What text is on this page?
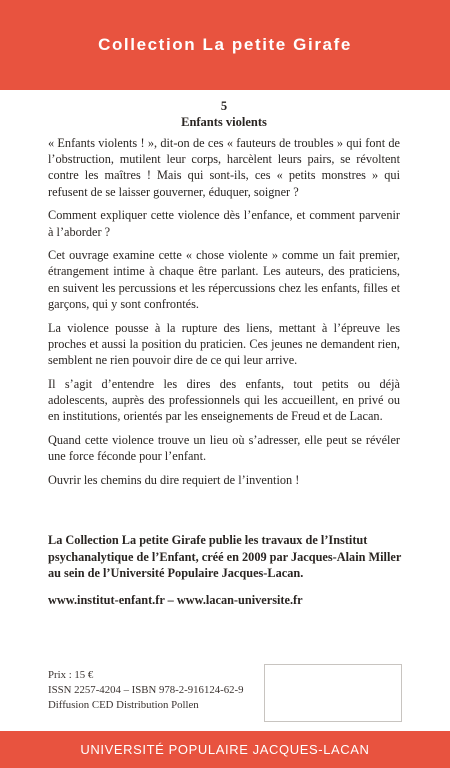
Collection La petite Girafe
5
Enfants violents

« Enfants violents ! », dit-on de ces « fauteurs de troubles » qui font de l’obstruction, mutilent leur corps, harcèlent leurs pairs, se révoltent contre les maîtres ! Mais qui sont-ils, ces « petits monstres » qui refusent de se laisser gouverner, éduquer, soigner ?

Comment expliquer cette violence dès l’enfance, et comment parvenir à l’aborder ?

Cet ouvrage examine cette « chose violente » comme un fait premier, étrangement intime à chaque être parlant. Les auteurs, des praticiens, en suivent les percussions et les répercussions chez les enfants, filles et garçons, qui y sont confrontés.

La violence pousse à la rupture des liens, mettant à l’épreuve les proches et aussi la position du praticien. Ces jeunes ne demandent rien, semblent ne rien pouvoir dire de ce qui leur arrive.

Il s’agit d’entendre les dires des enfants, tout petits ou déjà adolescents, auprès des professionnels qui les accueillent, en privé ou en institutions, orientés par les enseignements de Freud et de Lacan.

Quand cette violence trouve un lieu où s’adresser, elle peut se révéler une force féconde pour l’enfant.

Ouvrir les chemins du dire requiert de l’invention !

La Collection La petite Girafe publie les travaux de l’Institut psychanalytique de l’Enfant, créé en 2009 par Jacques-Alain Miller au sein de l’Université Populaire Jacques-Lacan.
www.institut-enfant.fr – www.lacan-universite.fr
Prix : 15 €
ISSN 2257-4204 – ISBN 978-2-916124-62-9
Diffusion CED Distribution Pollen
UNIVERSITÉ POPULAIRE JACQUES-LACAN
